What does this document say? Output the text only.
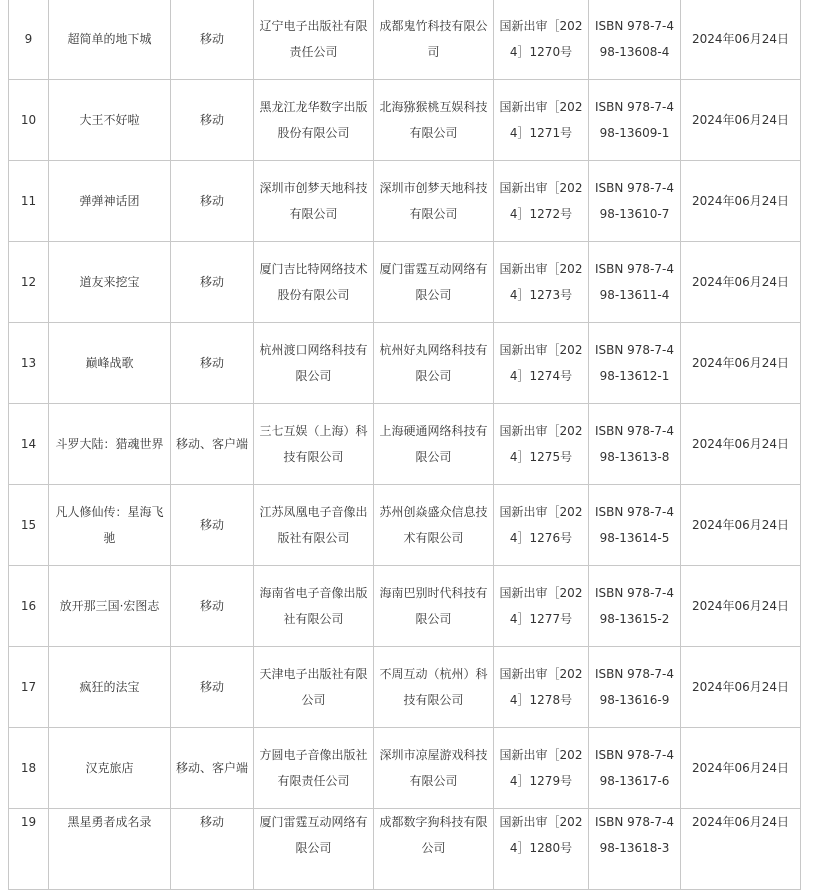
9	超简单的地下城	移动	辽宁电子出版社有限责任公司	成都鬼竹科技有限公司	国新出审［2024］1270号	ISBN 978-7-498-13608-4	2024年06月24日
10	大王不好啦	移动	黑龙江龙华数字出版股份有限公司	北海猕猴桃互娱科技有限公司	国新出审［2024］1271号	ISBN 978-7-498-13609-1	2024年06月24日
11	弹弹神话团	移动	深圳市创梦天地科技有限公司	深圳市创梦天地科技有限公司	国新出审［2024］1272号	ISBN 978-7-498-13610-7	2024年06月24日
12	道友来挖宝	移动	厦门吉比特网络技术股份有限公司	厦门雷霆互动网络有限公司	国新出审［2024］1273号	ISBN 978-7-498-13611-4	2024年06月24日
13	巅峰战歌	移动	杭州渡口网络科技有限公司	杭州好丸网络科技有限公司	国新出审［2024］1274号	ISBN 978-7-498-13612-1	2024年06月24日
14	斗罗大陆：猎魂世界	移动、客户端	三七互娱（上海）科技有限公司	上海硬通网络科技有限公司	国新出审［2024］1275号	ISBN 978-7-498-13613-8	2024年06月24日
15	凡人修仙传：星海飞驰	移动	江苏凤凰电子音像出版社有限公司	苏州创焱盛众信息技术有限公司	国新出审［2024］1276号	ISBN 978-7-498-13614-5	2024年06月24日
16	放开那三国·宏图志	移动	海南省电子音像出版社有限公司	海南巴别时代科技有限公司	国新出审［2024］1277号	ISBN 978-7-498-13615-2	2024年06月24日
17	疯狂的法宝	移动	天津电子出版社有限公司	不周互动（杭州）科技有限公司	国新出审［2024］1278号	ISBN 978-7-498-13616-9	2024年06月24日
18	汉克旅店	移动、客户端	方圆电子音像出版社有限责任公司	深圳市凉屋游戏科技有限公司	国新出审［2024］1279号	ISBN 978-7-498-13617-6	2024年06月24日
19	黑星勇者成名录	移动	厦门雷霆互动网络有限公司	成都数字狗科技有限公司	国新出审［2024］1280号	ISBN 978-7-498-13618-3	2024年06月24日
